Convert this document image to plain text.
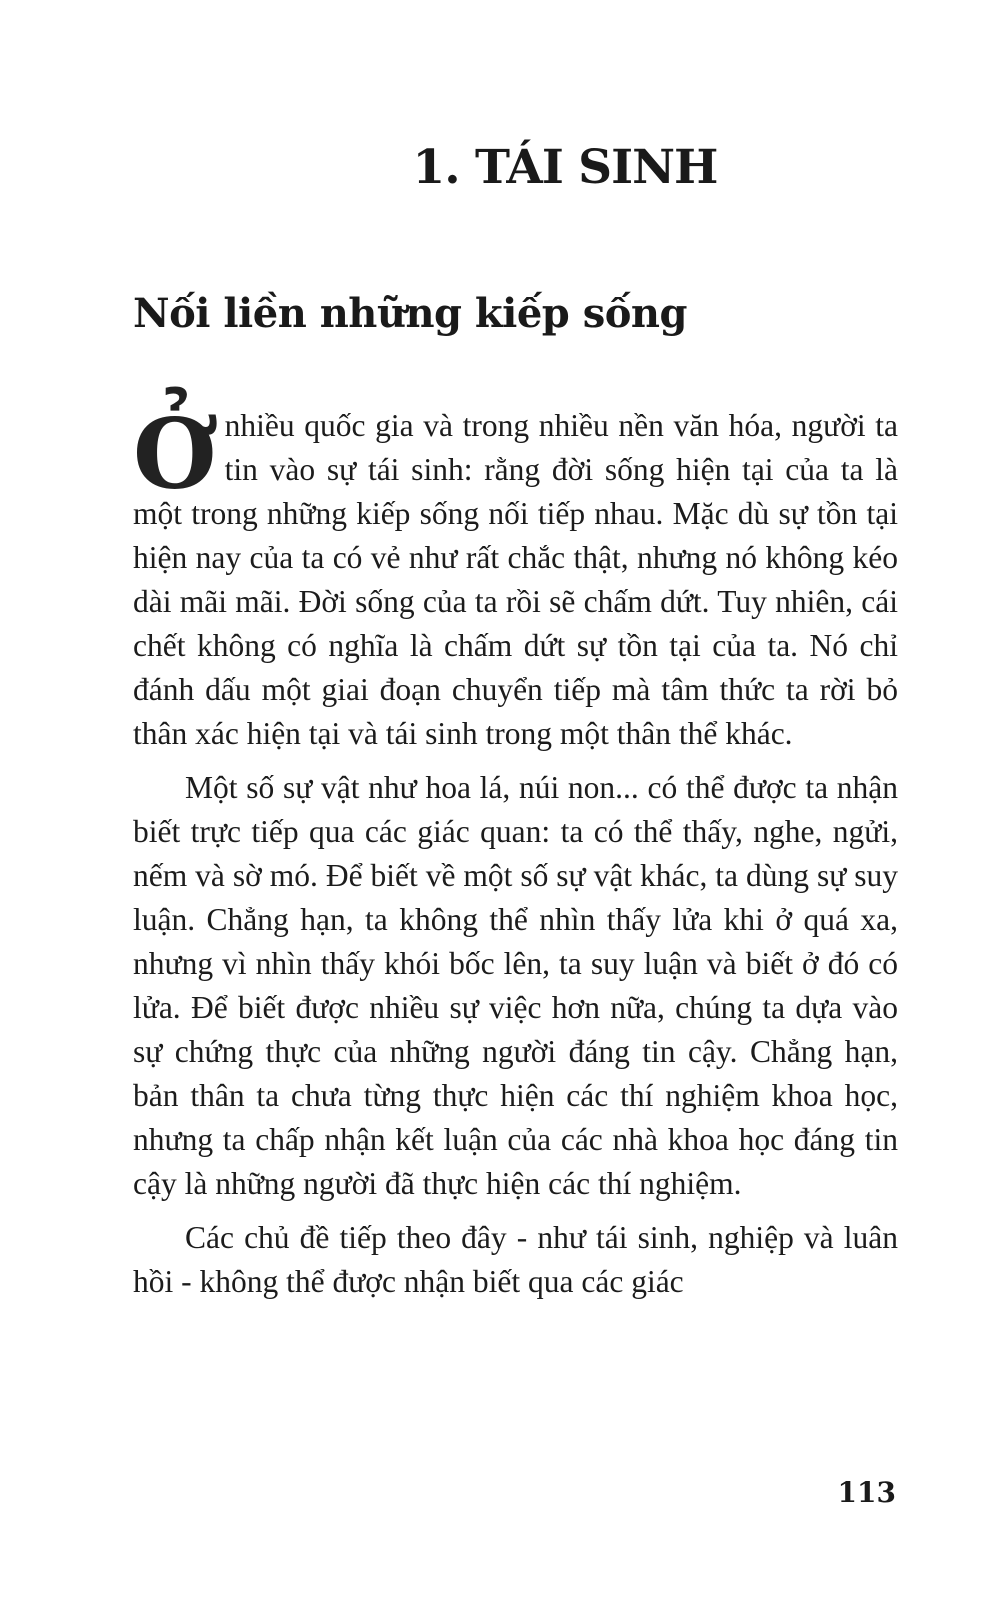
1. TÁI SINH
Nối liền những kiếp sống

Ởnhiều quốc gia và trong nhiều nền văn hóa, người ta tin vào sự tái sinh: rằng đời sống hiện tại của ta là một trong những kiếp sống nối tiếp nhau. Mặc dù sự tồn tại hiện nay của ta có vẻ như rất chắc thật, nhưng nó không kéo dài mãi mãi. Đời sống của ta rồi sẽ chấm dứt. Tuy nhiên, cái chết không có nghĩa là chấm dứt sự tồn tại của ta. Nó chỉ đánh dấu một giai đoạn chuyển tiếp mà tâm thức ta rời bỏ thân xác hiện tại và tái sinh trong một thân thể khác.

Một số sự vật như hoa lá, núi non... có thể được ta nhận biết trực tiếp qua các giác quan: ta có thể thấy, nghe, ngửi, nếm và sờ mó. Để biết về một số sự vật khác, ta dùng sự suy luận. Chẳng hạn, ta không thể nhìn thấy lửa khi ở quá xa, nhưng vì nhìn thấy khói bốc lên, ta suy luận và biết ở đó có lửa. Để biết được nhiều sự việc hơn nữa, chúng ta dựa vào sự chứng thực của những người đáng tin cậy. Chẳng hạn, bản thân ta chưa từng thực hiện các thí nghiệm khoa học, nhưng ta chấp nhận kết luận của các nhà khoa học đáng tin cậy là những người đã thực hiện các thí nghiệm.

Các chủ đề tiếp theo đây - như tái sinh, nghiệp và luân hồi - không thể được nhận biết qua các giác

113
